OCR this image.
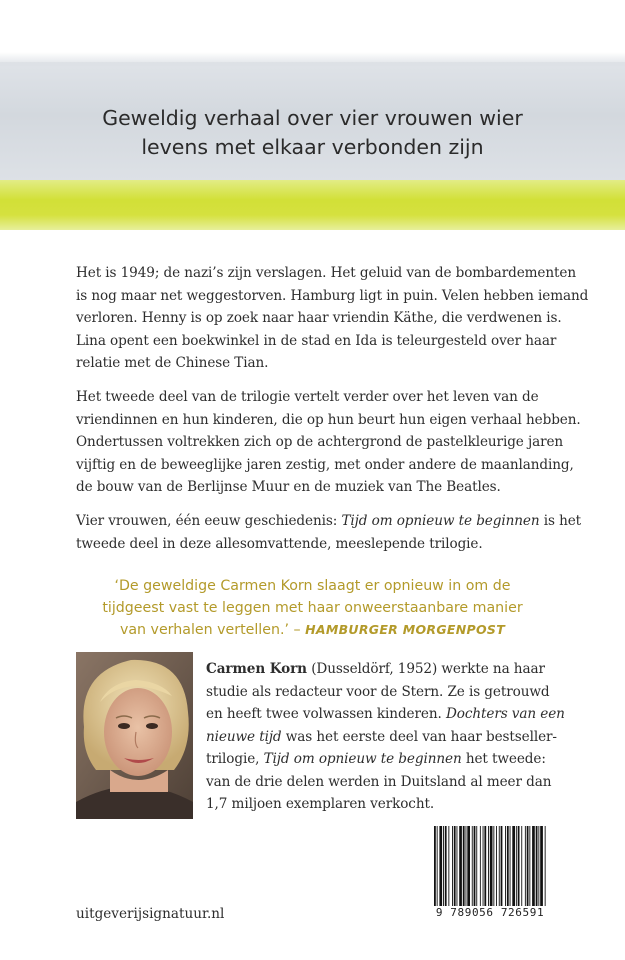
Geweldig verhaal over vier vrouwen wier
levens met elkaar verbonden zijn
Het is 1949; de nazi’s zijn verslagen. Het geluid van de bombardementen
is nog maar net weggestorven. Hamburg ligt in puin. Velen hebben iemand
verloren. Henny is op zoek naar haar vriendin Käthe, die verdwenen is.
Lina opent een boekwinkel in de stad en Ida is teleurgesteld over haar
relatie met de Chinese Tian.
Het tweede deel van de trilogie vertelt verder over het leven van de
vriendinnen en hun kinderen, die op hun beurt hun eigen verhaal hebben.
Ondertussen voltrekken zich op de achtergrond de pastelkleurige jaren
vijftig en de beweeglijke jaren zestig, met onder andere de maanlanding,
de bouw van de Berlijnse Muur en de muziek van The Beatles.
Vier vrouwen, één eeuw geschiedenis: Tijd om opnieuw te beginnen is het
tweede deel in deze allesomvattende, meeslepende trilogie.
‘De geweldige Carmen Korn slaagt er opnieuw in om de
tijdgeest vast te leggen met haar onweerstaanbare manier
van verhalen vertellen.’ – HAMBURGER MORGENPOST
Carmen Korn (Dusseldörf, 1952) werkte na haar
studie als redacteur voor de Stern. Ze is getrouwd
en heeft twee volwassen kinderen. Dochters van een
nieuwe tijd was het eerste deel van haar bestseller-
trilogie, Tijd om opnieuw te beginnen het tweede:
van de drie delen werden in Duitsland al meer dan
1,7 miljoen exemplaren verkocht.
9 789056 726591
uitgeverijsignatuur.nl
